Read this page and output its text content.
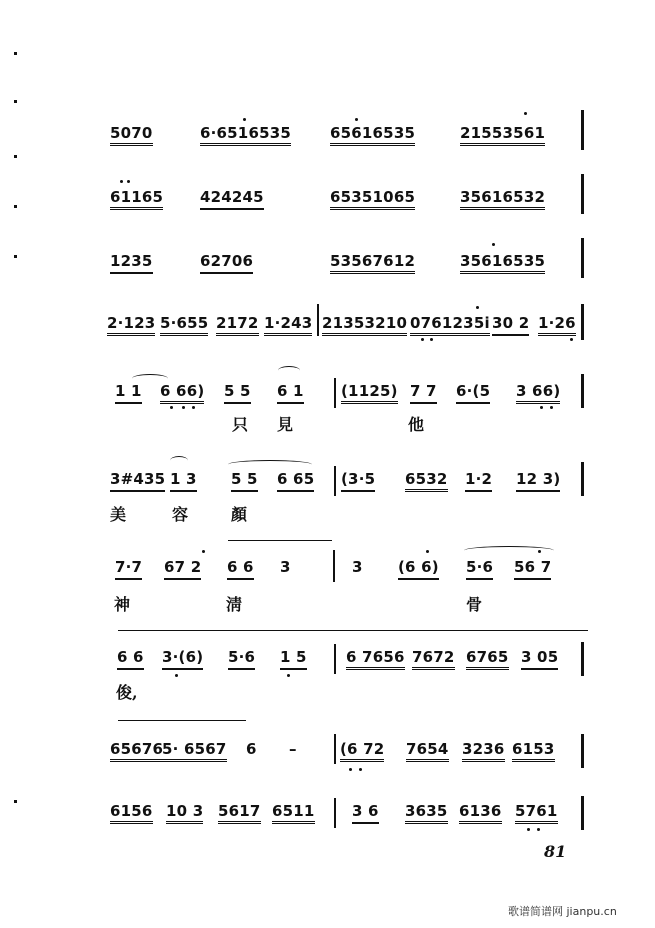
5070	6·6516535	65616535	21553561
61165 424245	65351065	35616532
1235	62706	53567612	35616535
2·123 5·655 2172 1·243 21353210 0761235i 30 2 1·26
1 1 6 66) 5 5 6 1 (1125) 7 7 6·(5 3 66)
只 見	他
3#435 1 3 5 5 6 65 (3·5 6532 1·2 12 3)
美	容	顏
7·7 67 2 6 6 3	3 (6 6) 5·6 56 7
神	淸	骨
6 6 3·(6) 5·6 1 5	6 7656 7672 6765 3 05
俊,
65676
5· 6567 6 –	(6 72 7654 3236 6153
6156 10 3 5617 6511 3 6 3635 6136 5761
81
歌谱简谱网 jianpu.cn
